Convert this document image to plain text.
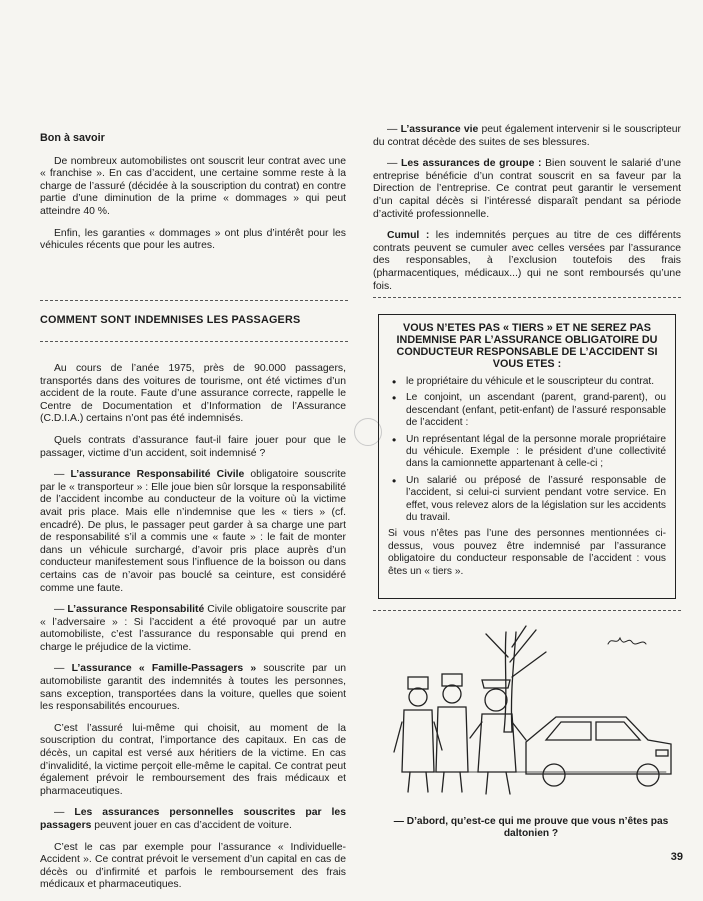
Bon à savoir

De nombreux automobilistes ont souscrit leur contrat avec une « franchise ». En cas d’accident, une certaine somme reste à la charge de l’assuré (décidée à la souscription du contrat) en contre partie d’une diminution de la prime « dommages » qui peut atteindre 40 %.

Enfin, les garanties « dommages » ont plus d’intérêt pour les véhicules récents que pour les autres.

— L’assurance vie peut également intervenir si le souscripteur du contrat décède des suites de ses blessures.

— Les assurances de groupe : Bien souvent le salarié d’une entreprise bénéficie d’un contrat souscrit en sa faveur par la Direction de l’entreprise. Ce contrat peut garantir le versement d’un capital décès si l’intéressé disparaît pendant sa période d’activité professionnelle.

Cumul : les indemnités perçues au titre de ces différents contrats peuvent se cumuler avec celles versées par l’assurance des responsables, à l’exclusion toutefois des frais (pharmacentiques, médicaux...) qui ne sont remboursés qu’une fois.

COMMENT SONT INDEMNISES LES PASSAGERS

Au cours de l’anée 1975, près de 90.000 passagers, transportés dans des voitures de tourisme, ont été victimes d’un accident de la route. Faute d’une assurance correcte, rappelle le Centre de Documentation et d’Information de l’Assurance (C.D.I.A.) certains n’ont pas été indemnisés.

Quels contrats d’assurance faut-il faire jouer pour que le passager, victime d’un accident, soit indemnisé ?

— L’assurance Responsabilité Civile obligatoire souscrite par le « transporteur » : Elle joue bien sûr lorsque la responsabilité de l’accident incombe au conducteur de la voiture où la victime avait pris place. Mais elle n’indemnise que les « tiers » (cf. encadré). De plus, le passager peut garder à sa charge une part de responsabilité s’il a commis une « faute » : le fait de monter dans un véhicule surchargé, d’avoir pris place auprès d’un conducteur manifestement sous l’influence de la boisson ou dans certains cas de n’avoir pas bouclé sa ceinture, est considéré comme une faute.

— L’assurance Responsabilité Civile obligatoire souscrite par « l’adversaire » : Si l’accident a été provoqué par un autre automobiliste, c’est l’assurance du responsable qui prend en charge le préjudice de la victime.

— L’assurance « Famille-Passagers » souscrite par un automobiliste garantit des indemnités à toutes les personnes, sans exception, transportées dans la voiture, quelles que soient les responsabilités encourues.

C’est l’assuré lui-même qui choisit, au moment de la souscription du contrat, l’importance des capitaux. En cas de décès, un capital est versé aux héritiers de la victime. En cas d’invalidité, la victime perçoit elle-même le capital. Ce contrat peut également prévoir le remboursement des frais médicaux et pharmaceutiques.

— Les assurances personnelles souscrites par les passagers peuvent jouer en cas d’accident de voiture.

C’est le cas par exemple pour l’assurance « Individuelle-Accident ». Ce contrat prévoit le versement d’un capital en cas de décès ou d’infirmité et parfois le remboursement des frais médicaux et pharmaceutiques.

VOUS N’ETES PAS « TIERS » ET NE SEREZ PAS INDEMNISE PAR L’ASSURANCE OBLIGATOIRE DU CONDUCTEUR RESPONSABLE DE L’ACCIDENT SI VOUS ETES :
• le propriétaire du véhicule et le souscripteur du contrat.
• Le conjoint, un ascendant (parent, grand-parent), ou descendant (enfant, petit-enfant) de l’assuré responsable de l’accident :
• Un représentant légal de la personne morale propriétaire du véhicule. Exemple : le président d’une collectivité dans la camionnette appartenant à celle-ci ;
• Un salarié ou préposé de l’assuré responsable de l’accident, si celui-ci survient pendant votre service. En effet, vous relevez alors de la législation sur les accidents du travail.
Si vous n’êtes pas l’une des personnes mentionnées ci-dessus, vous pouvez être indemnisé par l’assurance obligatoire du conducteur responsable de l’accident : vous êtes un « tiers ».
— D’abord, qu’est-ce qui me prouve que vous n’êtes pas daltonien ?
39
